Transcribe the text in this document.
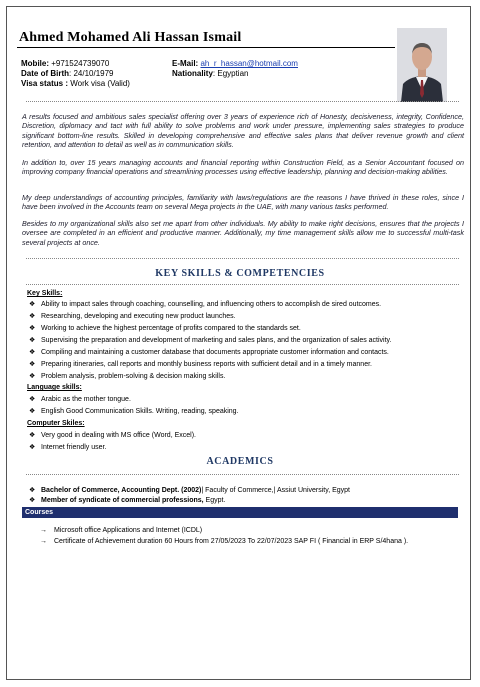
Ahmed Mohamed Ali Hassan Ismail
Mobile: +971524739070
Date of Birth: 24/10/1979
Visa status : Work visa (Valid)
E-Mail: ah_r_hassan@hotmail.com
Nationality: Egyptian
A results focused and ambitious sales specialist offering over 3 years of experience rich of Honesty, decisiveness, integrity, Confidence, Discretion, diplomacy and tact with full ability to solve problems and work under pressure, implementing sales strategies to produce significant bottom-line results. Skilled in developing comprehensive and effective sales plans that deliver revenue growth and client retention, and attention to detail as well as in communication skills.
In addition to, over 15 years managing accounts and financial reporting within Construction Field, as a Senior Accountant focused on improving company financial operations and streamlining processes using effective leadership, planning and decision-making abilities.
My deep understandings of accounting principles, familiarity with laws/regulations are the reasons I have thrived in these roles, since I have been involved in the Accounts team on several Mega projects in the UAE, with many various tasks performed.
Besides to my organizational skills also set me apart from other individuals. My ability to make right decisions, ensures that the projects I oversee are completed in an efficient and productive manner. Additionally, my time management skills allow me to successful multi-task several projects at once.
KEY SKILLS & COMPETENCIES
Key Skills:
❖ Ability to impact sales through coaching, counselling, and influencing others to accomplish de sired outcomes.
❖ Researching, developing and executing new product launches.
❖ Working to achieve the highest percentage of profits compared to the standards set.
❖ Supervising the preparation and development of marketing and sales plans, and the organization of sales activity.
❖ Compiling and maintaining a customer database that documents appropriate customer information and contacts.
❖ Preparing itineraries, call reports and monthly business reports with sufficient detail and in a timely manner.
❖ Problem analysis, problem-solving & decision making skills.
Language skills:
❖ Arabic as the mother tongue.
❖ English Good Communication Skills. Writing, reading, speaking.
Computer Skiles:
❖ Very good in dealing with MS office (Word, Excel).
❖ Internet friendly user.
ACADEMICS
❖ Bachelor of Commerce, Accounting Dept. (2002)| Faculty of Commerce,| Assiut University, Egypt
❖ Member of syndicate of commercial professions, Egypt.
Courses
→ Microsoft office Applications and Internet (ICDL)
→ Certificate of Achievement duration 60 Hours from 27/05/2023 To 22/07/2023 SAP FI ( Financial in ERP S/4hana ).
